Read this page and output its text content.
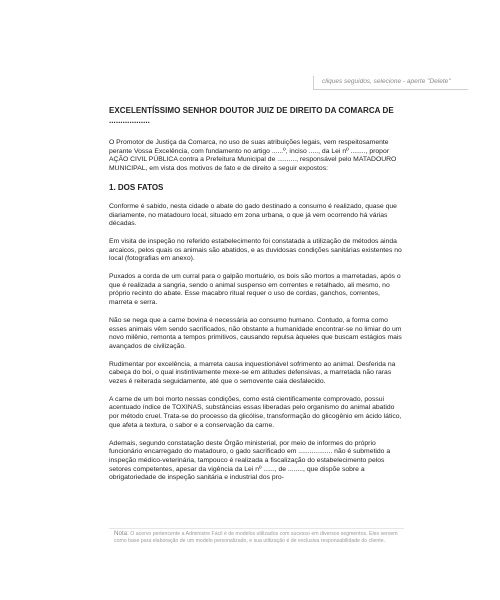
cliques seguidos, selecione - aperte "Delete"
EXCELENTÍSSIMO SENHOR DOUTOR JUIZ DE DIREITO DA COMARCA DE ..................

O Promotor de Justiça da Comarca, no uso de suas atribuições legais, vem respeitosamente perante Vossa Excelência, com fundamento no artigo ......º, inciso ....., da Lei nº ........, propor AÇÃO CIVIL PÚBLICA contra a Prefeitura Municipal de .........., responsável pelo MATADOURO MUNICIPAL, em vista dos motivos de fato e de direito a seguir expostos:

1. DOS FATOS

Conforme é sabido, nesta cidade o abate do gado destinado a consumo é realizado, quase que diariamente, no matadouro local, situado em zona urbana, o que já vem ocorrendo há várias décadas.

Em visita de inspeção no referido estabelecimento foi constatada a utilização de métodos ainda arcaicos, pelos quais os animais são abatidos, e as duvidosas condições sanitárias existentes no local (fotografias em anexo).

Puxados a corda de um curral para o galpão mortuário, os bois são mortos a marretadas, após o que é realizada a sangria, sendo o animal suspenso em correntes e retalhado, ali mesmo, no próprio recinto do abate. Esse macabro ritual requer o uso de cordas, ganchos, correntes, marreta e serra.

Não se nega que a carne bovina é necessária ao consumo humano. Contudo, a forma como esses animais vêm sendo sacrificados, não obstante a humanidade encontrar-se no limiar do um novo milênio, remonta a tempos primitivos, causando repulsa àqueles que buscam estágios mais avançados de civilização.

Rudimentar por excelência, a marreta causa inquestionável sofrimento ao animal. Desferida na cabeça do boi, o qual instintivamente mexe-se em atitudes defensivas, a marretada não raras vezes é reiterada seguidamente, até que o semovente caia desfalecido.

A carne de um boi morto nessas condições, como está cientificamente comprovado, possui acentuado índice de TOXINAS, substâncias essas liberadas pelo organismo do animal abatido por método cruel. Trata-se do processo da glicólise, transformação do glicogênio em ácido lático, que afeta a textura, o sabor e a conservação da carne.

Ademais, segundo constatação deste Órgão ministerial, por meio de informes do próprio funcionário encarregado do matadouro, o gado sacrificado em .................. não é submetido a inspeção médico-veterinária, tampouco é realizada a fiscalização do estabelecimento pelos setores competentes, apesar da vigência da Lei nº ......, de ........, que dispõe sobre a obrigatoriedade de inspeção sanitária e industrial dos pro-

Nota: O acervo pertencente a Administre Fácil é de modelos utilizados com sucesso em diversos segmentos. Eles servem como base para elaboração de um modelo personalizado, e sua utilização é de exclusiva responsabilidade do cliente.
